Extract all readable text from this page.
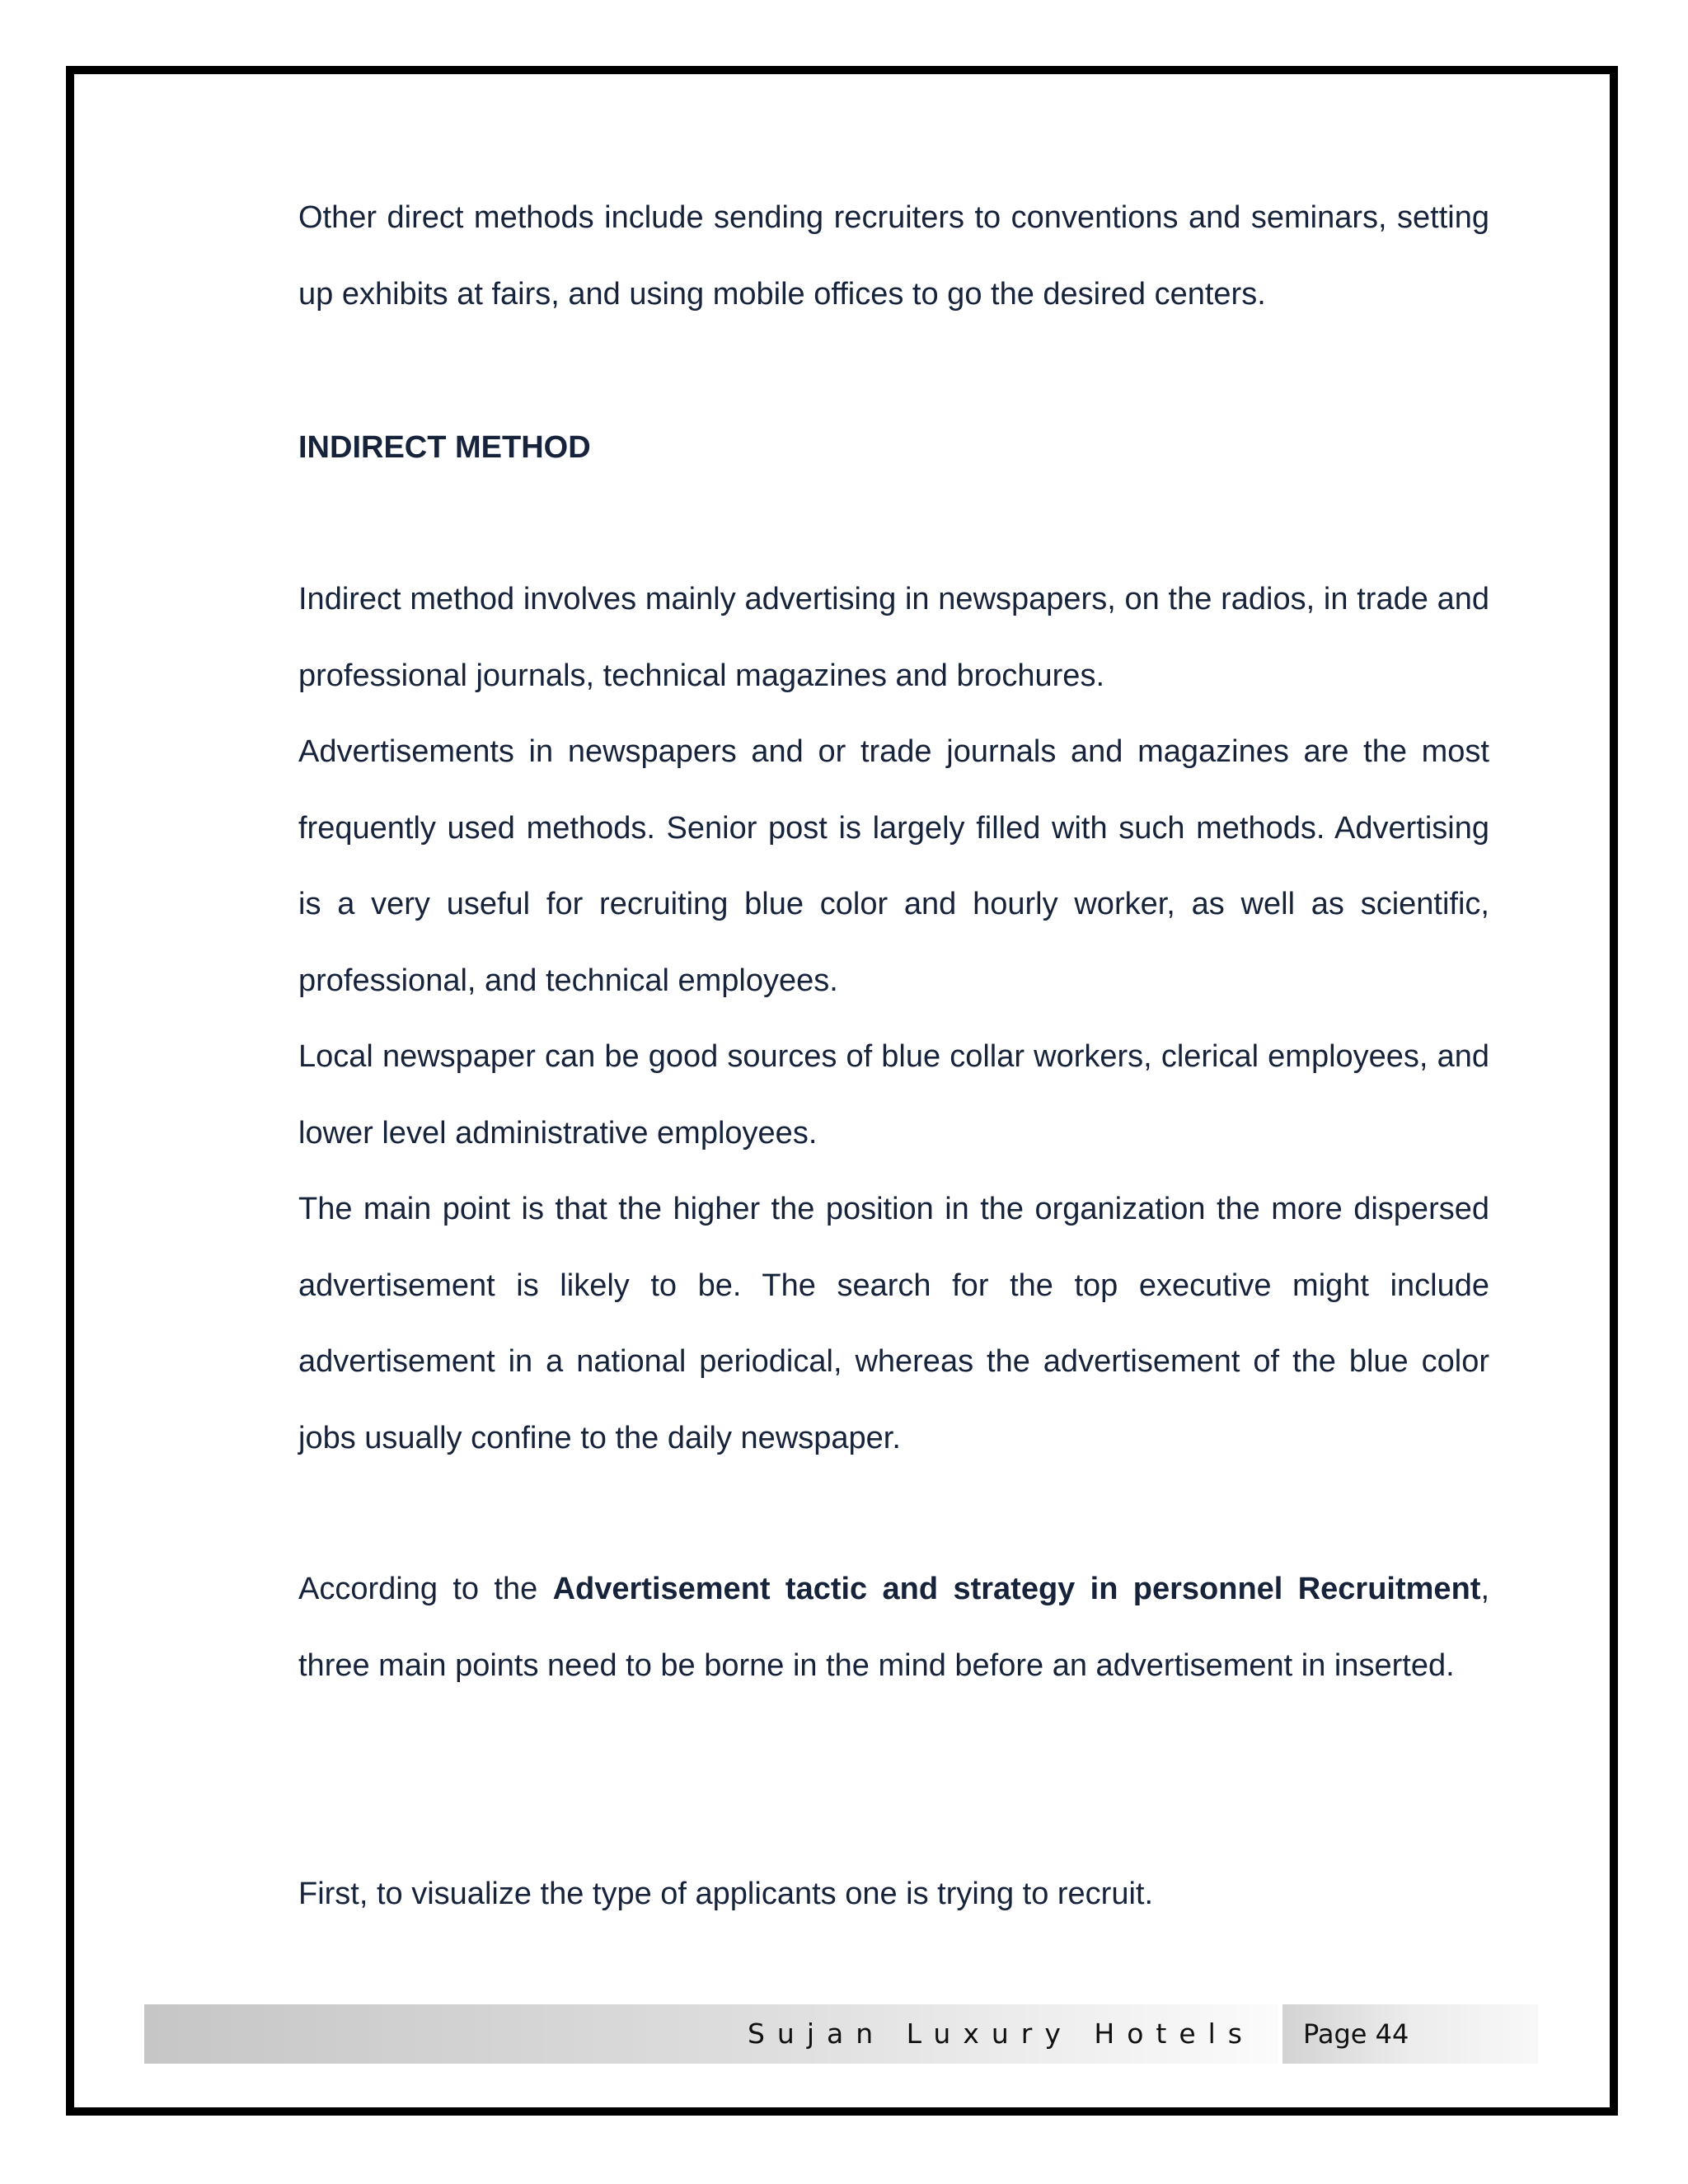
Other direct methods include sending recruiters to conventions and seminars, setting up exhibits at fairs, and using mobile offices to go the desired centers.

INDIRECT METHOD

Indirect method involves mainly advertising in newspapers, on the radios, in trade and professional journals, technical magazines and brochures.

Advertisements in newspapers and or trade journals and magazines are the most frequently used methods. Senior post is largely filled with such methods. Advertising is a very useful for recruiting blue color and hourly worker, as well as scientific, professional, and technical employees.

Local newspaper can be good sources of blue collar workers, clerical employees, and lower level administrative employees.

The main point is that the higher the position in the organization the more dispersed advertisement is likely to be. The search for the top executive might include advertisement in a national periodical, whereas the advertisement of the blue color jobs usually confine to the daily newspaper.

According to the Advertisement tactic and strategy in personnel Recruitment, three main points need to be borne in the mind before an advertisement in inserted.

First, to visualize the type of applicants one is trying to recruit.

Sujan Luxury Hotels Page 44
